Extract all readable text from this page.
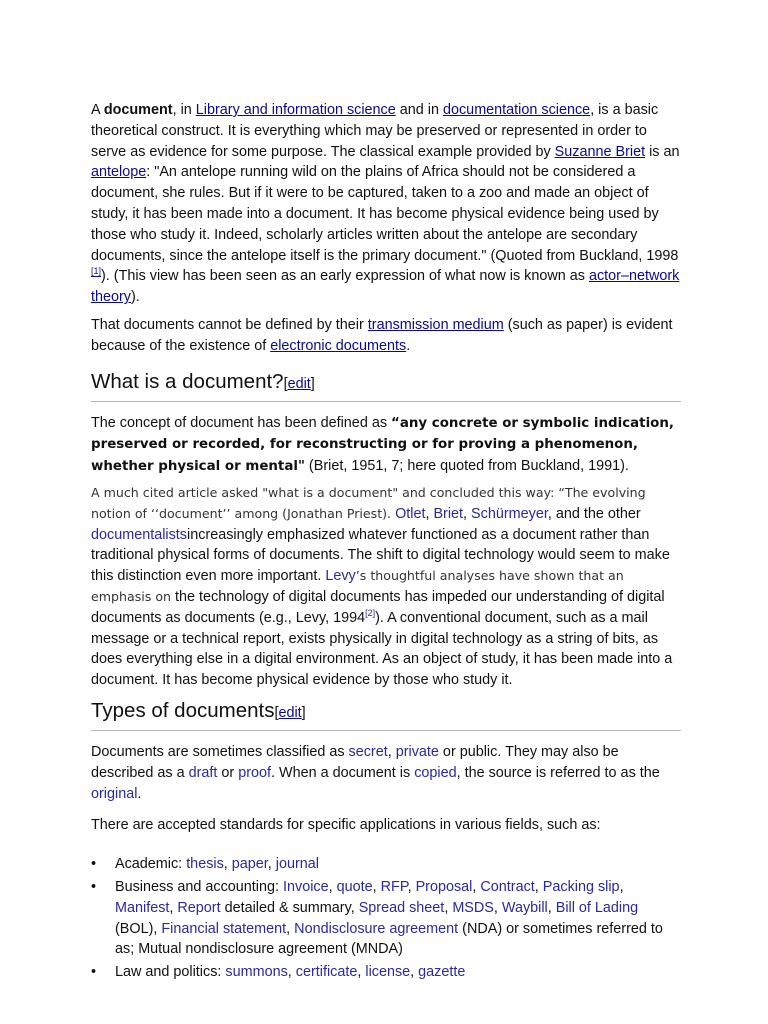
A document, in Library and information science and in documentation science, is a basic theoretical construct. It is everything which may be preserved or represented in order to serve as evidence for some purpose. The classical example provided by Suzanne Briet is an antelope: "An antelope running wild on the plains of Africa should not be considered a document, she rules. But if it were to be captured, taken to a zoo and made an object of study, it has been made into a document. It has become physical evidence being used by those who study it. Indeed, scholarly articles written about the antelope are secondary documents, since the antelope itself is the primary document." (Quoted from Buckland, 1998 [1]). (This view has been seen as an early expression of what now is known as actor–network theory).

That documents cannot be defined by their transmission medium (such as paper) is evident because of the existence of electronic documents.

What is a document?[edit]

The concept of document has been defined as “any concrete or symbolic indication, preserved or recorded, for reconstructing or for proving a phenomenon, whether physical or mental" (Briet, 1951, 7; here quoted from Buckland, 1991).

A much cited article asked "what is a document" and concluded this way: “The evolving notion of ‘‘document’’ among (Jonathan Priest). Otlet, Briet, Schürmeyer, and the other documentalistsincreasingly emphasized whatever functioned as a document rather than traditional physical forms of documents. The shift to digital technology would seem to make this distinction even more important. Levy’s thoughtful analyses have shown that an emphasis on the technology of digital documents has impeded our understanding of digital documents as documents (e.g., Levy, 1994[2]). A conventional document, such as a mail message or a technical report, exists physically in digital technology as a string of bits, as does everything else in a digital environment. As an object of study, it has been made into a document. It has become physical evidence by those who study it.

Types of documents[edit]

Documents are sometimes classified as secret, private or public. They may also be described as a draft or proof. When a document is copied, the source is referred to as the original.

There are accepted standards for specific applications in various fields, such as:

• Academic: thesis, paper, journal
• Business and accounting: Invoice, quote, RFP, Proposal, Contract, Packing slip, Manifest, Report detailed & summary, Spread sheet, MSDS, Waybill, Bill of Lading (BOL), Financial statement, Nondisclosure agreement (NDA) or sometimes referred to as; Mutual nondisclosure agreement (MNDA)
• Law and politics: summons, certificate, license, gazette
